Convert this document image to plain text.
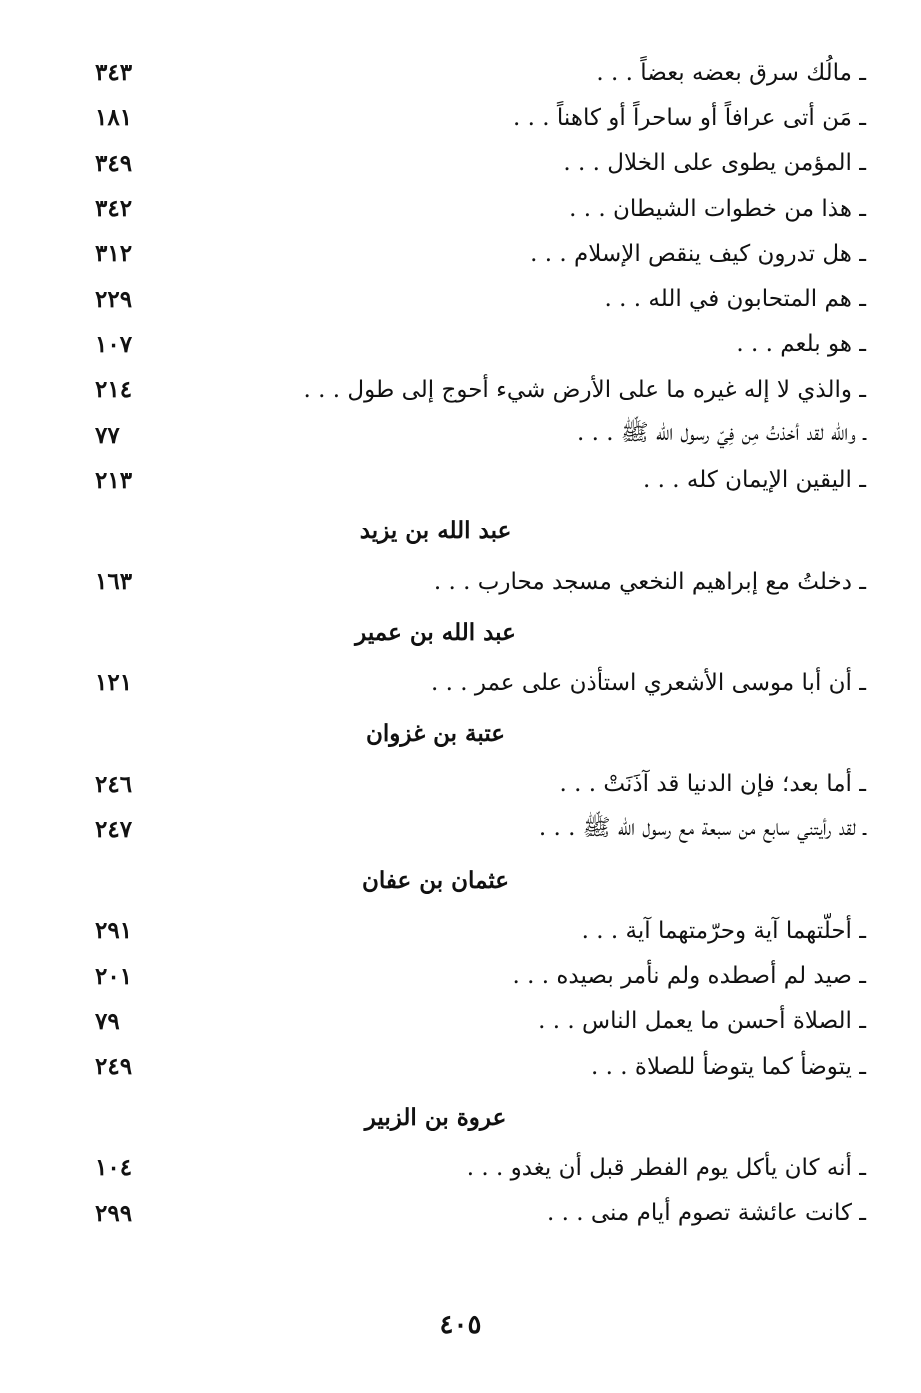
ـ مالُك سرق بعضه بعضاً . . .
٣٤٣
ـ مَن أتى عرافاً أو ساحراً أو كاهناً . . .
١٨١
ـ المؤمن يطوى على الخلال . . .
٣٤٩
ـ هذا من خطوات الشيطان . . .
٣٤٢
ـ هل تدرون كيف ينقص الإسلام . . .
٣١٢
ـ هم المتحابون في الله . . .
٢٢٩
ـ هو بلعم . . .
١٠٧
ـ والذي لا إله غيره ما على الأرض شيء أحوج إلى طول . . .
٢١٤
ـ والله لقد أخذتُ مِن فِيّ رسول الله ﷺ . . .
٧٧
ـ اليقين الإيمان كله . . .
٢١٣
عبد الله بن يزيد
ـ دخلتُ مع إبراهيم النخعي مسجد محارب . . .
١٦٣
عبد الله بن عمير
ـ أن أبا موسى الأشعري استأذن على عمر . . .
١٢١
عتبة بن غزوان
ـ أما بعد؛ فإن الدنيا قد آذَنَتْ . . .
٢٤٦
ـ لقد رأيتني سابع من سبعة مع رسول الله ﷺ . . .
٢٤٧
عثمان بن عفان
ـ أحلّتهما آية وحرّمتهما آية . . .
٢٩١
ـ صيد لم أصطده ولم نأمر بصيده . . .
٢٠١
ـ الصلاة أحسن ما يعمل الناس . . .
٧٩
ـ يتوضأ كما يتوضأ للصلاة . . .
٢٤٩
عروة بن الزبير
ـ أنه كان يأكل يوم الفطر قبل أن يغدو . . .
١٠٤
ـ كانت عائشة تصوم أيام منى . . .
٢٩٩
٤٠٥
